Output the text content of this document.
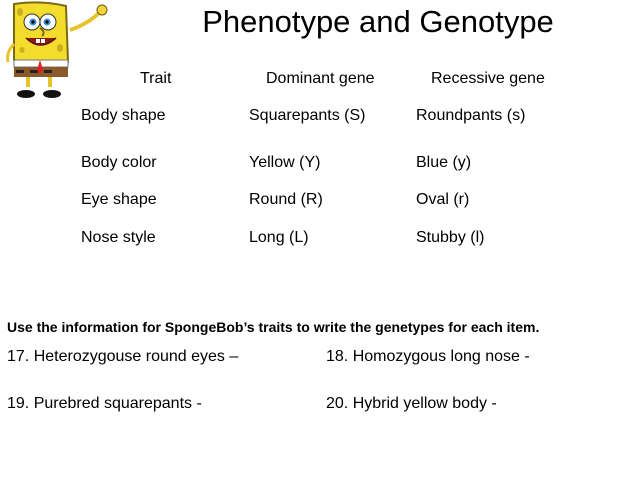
Phenotype and Genotype
Trait	Dominant gene	Recessive gene
Body shape	Squarepants (S)	Roundpants (s)
Body color	Yellow (Y)	Blue (y)
Eye shape	Round (R)	Oval (r)
Nose style	Long (L)	Stubby (l)
Use the information for SpongeBob’s traits to write the genetypes for each item.
17. Heterozygouse round eyes –	18. Homozygous long nose -
19. Purebred squarepants -	20. Hybrid yellow body -
